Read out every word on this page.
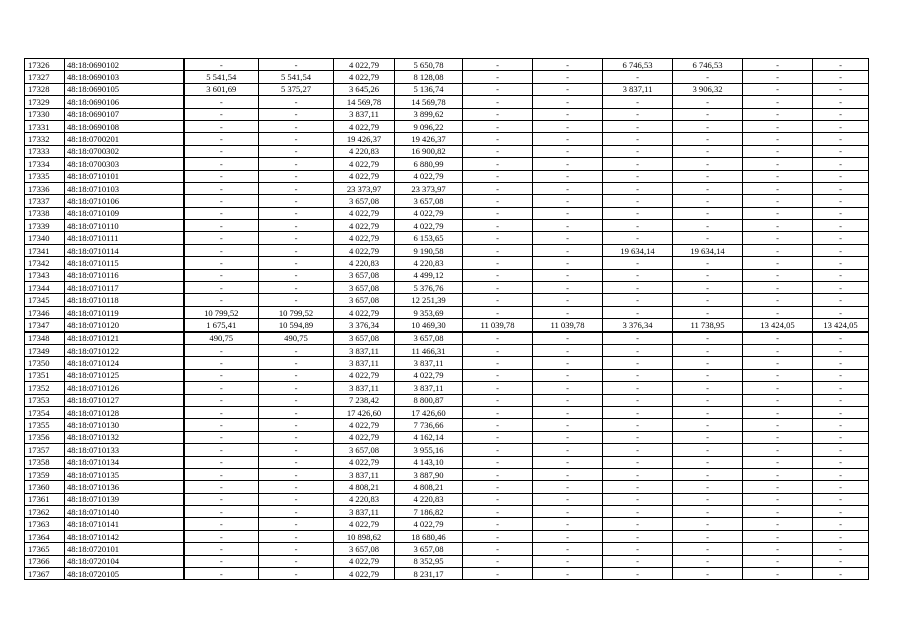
17326	48:18:0690102	-	-	4 022,79	5 650,78	-	-	6 746,53	6 746,53	-	-
17327	48:18:0690103	5 541,54	5 541,54	4 022,79	8 128,08	-	-	-	-	-	-
17328	48:18:0690105	3 601,69	5 375,27	3 645,26	5 136,74	-	-	3 837,11	3 906,32	-	-
17329	48:18:0690106	-	-	14 569,78	14 569,78	-	-	-	-	-	-
17330	48:18:0690107	-	-	3 837,11	3 899,62	-	-	-	-	-	-
17331	48:18:0690108	-	-	4 022,79	9 096,22	-	-	-	-	-	-
17332	48:18:0700201	-	-	19 426,37	19 426,37	-	-	-	-	-	-
17333	48:18:0700302	-	-	4 220,83	16 900,82	-	-	-	-	-	-
17334	48:18:0700303	-	-	4 022,79	6 880,99	-	-	-	-	-	-
17335	48:18:0710101	-	-	4 022,79	4 022,79	-	-	-	-	-	-
17336	48:18:0710103	-	-	23 373,97	23 373,97	-	-	-	-	-	-
17337	48:18:0710106	-	-	3 657,08	3 657,08	-	-	-	-	-	-
17338	48:18:0710109	-	-	4 022,79	4 022,79	-	-	-	-	-	-
17339	48:18:0710110	-	-	4 022,79	4 022,79	-	-	-	-	-	-
17340	48:18:0710111	-	-	4 022,79	6 153,65	-	-	-	-	-	-
17341	48:18:0710114	-	-	4 022,79	9 190,58	-	-	19 634,14	19 634,14	-	-
17342	48:18:0710115	-	-	4 220,83	4 220,83	-	-	-	-	-	-
17343	48:18:0710116	-	-	3 657,08	4 499,12	-	-	-	-	-	-
17344	48:18:0710117	-	-	3 657,08	5 376,76	-	-	-	-	-	-
17345	48:18:0710118	-	-	3 657,08	12 251,39	-	-	-	-	-	-
17346	48:18:0710119	10 799,52	10 799,52	4 022,79	9 353,69	-	-	-	-	-	-
17347	48:18:0710120	1 675,41	10 594,89	3 376,34	10 469,30	11 039,78	11 039,78	3 376,34	11 738,95	13 424,05	13 424,05
17348	48:18:0710121	490,75	490,75	3 657,08	3 657,08	-	-	-	-	-	-
17349	48:18:0710122	-	-	3 837,11	11 466,31	-	-	-	-	-	-
17350	48:18:0710124	-	-	3 837,11	3 837,11	-	-	-	-	-	-
17351	48:18:0710125	-	-	4 022,79	4 022,79	-	-	-	-	-	-
17352	48:18:0710126	-	-	3 837,11	3 837,11	-	-	-	-	-	-
17353	48:18:0710127	-	-	7 238,42	8 800,87	-	-	-	-	-	-
17354	48:18:0710128	-	-	17 426,60	17 426,60	-	-	-	-	-	-
17355	48:18:0710130	-	-	4 022,79	7 736,66	-	-	-	-	-	-
17356	48:18:0710132	-	-	4 022,79	4 162,14	-	-	-	-	-	-
17357	48:18:0710133	-	-	3 657,08	3 955,16	-	-	-	-	-	-
17358	48:18:0710134	-	-	4 022,79	4 143,10	-	-	-	-	-	-
17359	48:18:0710135	-	-	3 837,11	3 887,90	-	-	-	-	-	-
17360	48:18:0710136	-	-	4 808,21	4 808,21	-	-	-	-	-	-
17361	48:18:0710139	-	-	4 220,83	4 220,83	-	-	-	-	-	-
17362	48:18:0710140	-	-	3 837,11	7 186,82	-	-	-	-	-	-
17363	48:18:0710141	-	-	4 022,79	4 022,79	-	-	-	-	-	-
17364	48:18:0710142	-	-	10 898,62	18 680,46	-	-	-	-	-	-
17365	48:18:0720101	-	-	3 657,08	3 657,08	-	-	-	-	-	-
17366	48:18:0720104	-	-	4 022,79	8 352,95	-	-	-	-	-	-
17367	48:18:0720105	-	-	4 022,79	8 231,17	-	-	-	-	-	-
